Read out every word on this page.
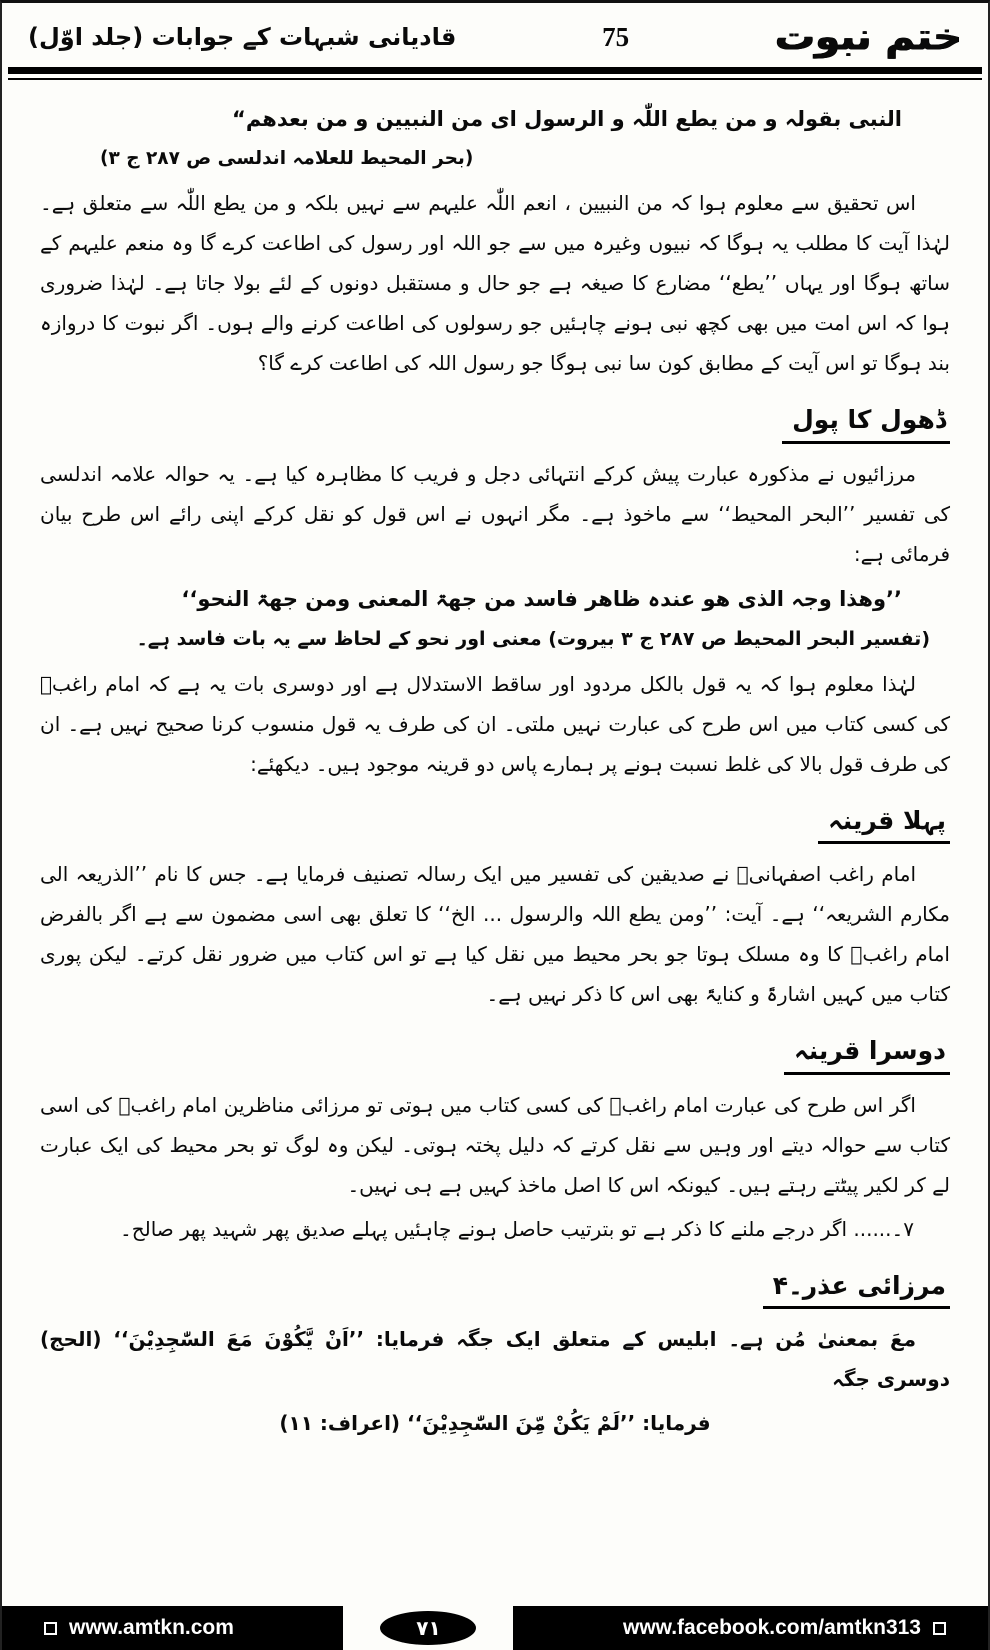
ختم نبوت
75
قادیانی شبہات کے جوابات (جلد اوّل)

النبی بقولہ و من یطع اللّٰہ و الرسول ای من النبیین و من بعدھم“

(بحر المحیط للعلامہ اندلسی ص ۲۸۷ ج ۳)

اس تحقیق سے معلوم ہوا کہ من النبیین ، انعم اللّٰہ علیہم سے نہیں بلکہ و من یطع اللّٰہ سے متعلق ہے۔ لہٰذا آیت کا مطلب یہ ہوگا کہ نبیوں وغیرہ میں سے جو اللہ اور رسول کی اطاعت کرے گا وہ منعم علیہم کے ساتھ ہوگا اور یہاں ’’یطع‘‘ مضارع کا صیغہ ہے جو حال و مستقبل دونوں کے لئے بولا جاتا ہے۔ لہٰذا ضروری ہوا کہ اس امت میں بھی کچھ نبی ہونے چاہئیں جو رسولوں کی اطاعت کرنے والے ہوں۔ اگر نبوت کا دروازہ بند ہوگا تو اس آیت کے مطابق کون سا نبی ہوگا جو رسول اللہ کی اطاعت کرے گا؟

ڈھول کا پول

مرزائیوں نے مذکورہ عبارت پیش کرکے انتہائی دجل و فریب کا مظاہرہ کیا ہے۔ یہ حوالہ علامہ اندلسی کی تفسیر ’’البحر المحیط‘‘ سے ماخوذ ہے۔ مگر انہوں نے اس قول کو نقل کرکے اپنی رائے اس طرح بیان فرمائی ہے:

’’وھذا وجہ الذی ھو عندہ ظاھر فاسد من جھۃ المعنی ومن جھۃ النحو‘‘

(تفسیر البحر المحیط ص ۲۸۷ ج ۳ بیروت) معنی اور نحو کے لحاظ سے یہ بات فاسد ہے۔

لہٰذا معلوم ہوا کہ یہ قول بالکل مردود اور ساقط الاستدلال ہے اور دوسری بات یہ ہے کہ امام راغبؒ کی کسی کتاب میں اس طرح کی عبارت نہیں ملتی۔ ان کی طرف یہ قول منسوب کرنا صحیح نہیں ہے۔ ان کی طرف قول بالا کی غلط نسبت ہونے پر ہمارے پاس دو قرینہ موجود ہیں۔ دیکھئے:

پہلا قرینہ

امام راغب اصفہانیؒ نے صدیقین کی تفسیر میں ایک رسالہ تصنیف فرمایا ہے۔ جس کا نام ’’الذریعہ الی مکارم الشریعہ‘‘ ہے۔ آیت: ’’ومن یطع اللہ والرسول ... الخ‘‘ کا تعلق بھی اسی مضمون سے ہے اگر بالفرض امام راغبؒ کا وہ مسلک ہوتا جو بحر محیط میں نقل کیا ہے تو اس کتاب میں ضرور نقل کرتے۔ لیکن پوری کتاب میں کہیں اشارۃً و کنایۃً بھی اس کا ذکر نہیں ہے۔

دوسرا قرینہ

اگر اس طرح کی عبارت امام راغبؒ کی کسی کتاب میں ہوتی تو مرزائی مناظرین امام راغبؒ کی اسی کتاب سے حوالہ دیتے اور وہیں سے نقل کرتے کہ دلیل پختہ ہوتی۔ لیکن وہ لوگ تو بحر محیط کی ایک عبارت لے کر لکیر پیٹتے رہتے ہیں۔ کیونکہ اس کا اصل ماخذ کہیں ہے ہی نہیں۔

۷۔...... اگر درجے ملنے کا ذکر ہے تو بترتیب حاصل ہونے چاہئیں پہلے صدیق پھر شہید پھر صالح۔

مرزائی عذر۔۴

معَ بمعنیٰ مُن ہے۔ ابلیس کے متعلق ایک جگہ فرمایا: ’’اَنْ یَّکُوْنَ مَعَ السّٰجِدِیْنَ‘‘ (الحج) دوسری جگہ

فرمایا: ’’لَمْ یَکُنْ مِّنَ السّٰجِدِیْنَ‘‘ (اعراف: ۱۱)

www.amtkn.com	۷۱	www.facebook.com/amtkn313
